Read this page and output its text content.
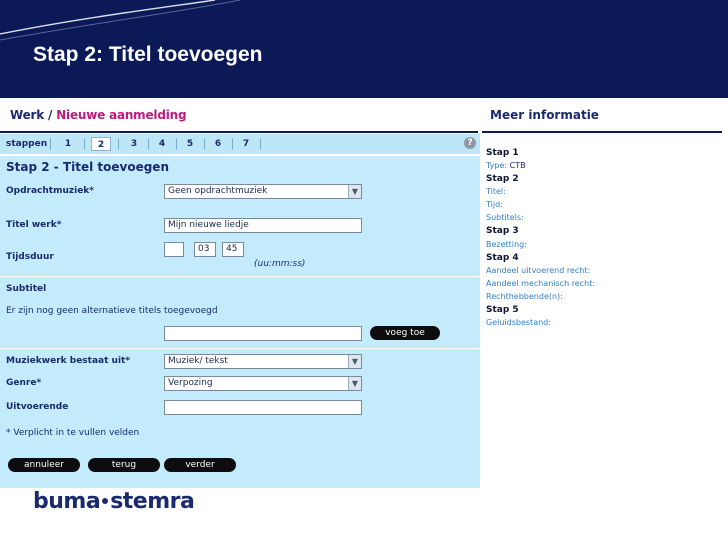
Stap 2: Titel toevoegen
Werk / Nieuwe aanmelding	Meer informatie
stappen	1	2	3	4	5	6	7	?
Stap 2 - Titel toevoegen
Opdrachtmuziek*	Geen opdrachtmuziek	▼
Titel werk*	Mijn nieuwe liedje
Tijdsduur
03	45
(uu:mm:ss)
Subtitel
Er zijn nog geen alternatieve titels toegevoegd
voeg toe
Muziekwerk bestaat uit*	Muziek/ tekst	▼
Genre*	Verpozing	▼
Uitvoerende
* Verplicht in te vullen velden
annuleer	terug	verder
Stap 1
Type: CTB
Stap 2
Titel:
Tijd:
Subtitels:
Stap 3
Bezetting:
Stap 4
Aandeel uitvoerend recht:
Aandeel mechanisch recht:
Rechthebbende(n):
Stap 5
Geluidsbestand:
buma stemra
